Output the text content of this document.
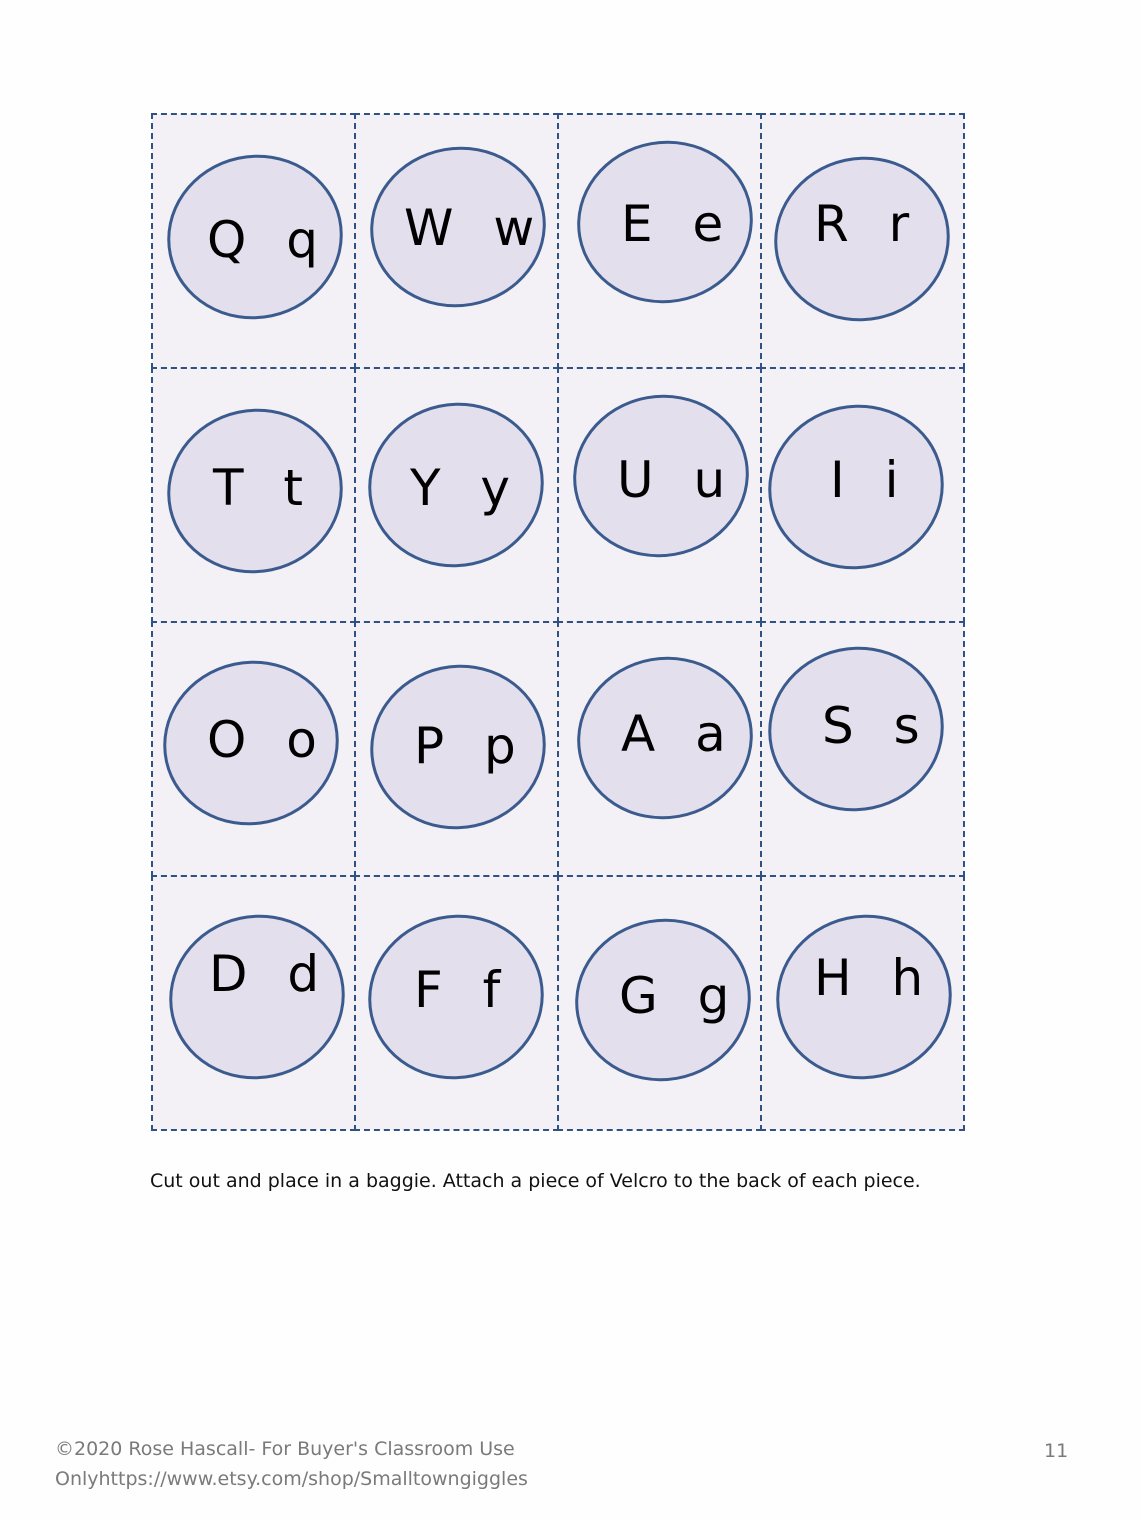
Q q W w E e R r
T t Y y U u I i
O o P p A a S s
D d F f G g H h
Cut out and place in a baggie. Attach a piece of Velcro to the back of each piece.
©2020 Rose Hascall- For Buyer's Classroom Use
Onlyhttps://www.etsy.com/shop/Smalltowngiggles
11
